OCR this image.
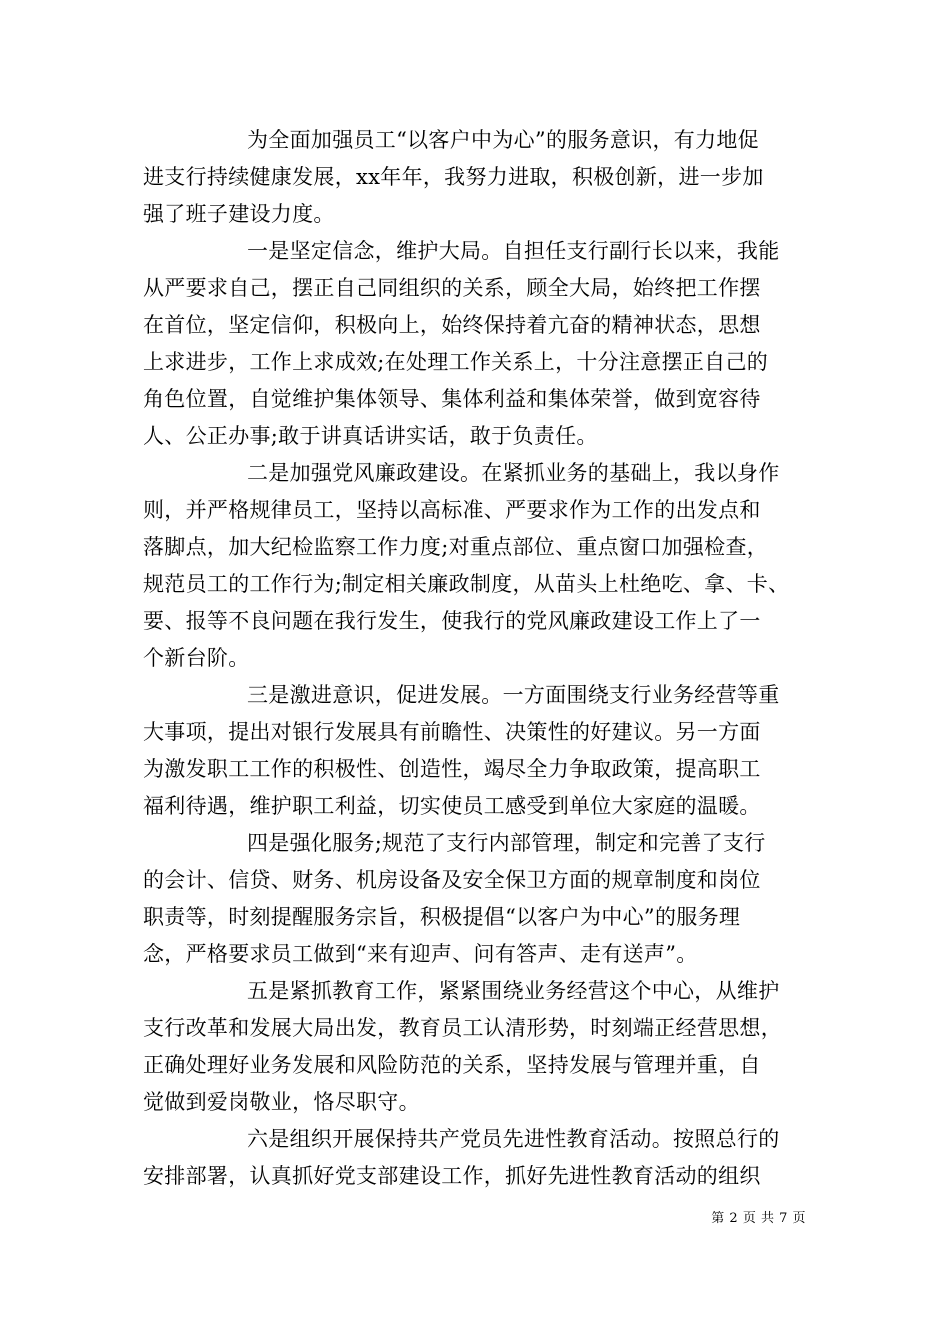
为全面加强员工“以客户中为心”的服务意识，有力地促
进支行持续健康发展，xx年年，我努力进取，积极创新，进一步加
强了班子建设力度。

一是坚定信念，维护大局。自担任支行副行长以来，我能
从严要求自己，摆正自己同组织的关系，顾全大局，始终把工作摆
在首位，坚定信仰，积极向上，始终保持着亢奋的精神状态，思想
上求进步，工作上求成效;在处理工作关系上，十分注意摆正自己的
角色位置，自觉维护集体领导、集体利益和集体荣誉，做到宽容待
人、公正办事;敢于讲真话讲实话，敢于负责任。

二是加强党风廉政建设。在紧抓业务的基础上，我以身作
则，并严格规律员工，坚持以高标准、严要求作为工作的出发点和
落脚点，加大纪检监察工作力度;对重点部位、重点窗口加强检查，
规范员工的工作行为;制定相关廉政制度，从苗头上杜绝吃、拿、卡、
要、报等不良问题在我行发生，使我行的党风廉政建设工作上了一
个新台阶。

三是激进意识，促进发展。一方面围绕支行业务经营等重
大事项，提出对银行发展具有前瞻性、决策性的好建议。另一方面
为激发职工工作的积极性、创造性，竭尽全力争取政策，提高职工
福利待遇，维护职工利益，切实使员工感受到单位大家庭的温暖。

四是强化服务;规范了支行内部管理，制定和完善了支行
的会计、信贷、财务、机房设备及安全保卫方面的规章制度和岗位
职责等，时刻提醒服务宗旨，积极提倡“以客户为中心”的服务理
念，严格要求员工做到“来有迎声、问有答声、走有送声”。

五是紧抓教育工作，紧紧围绕业务经营这个中心，从维护
支行改革和发展大局出发，教育员工认清形势，时刻端正经营思想，
正确处理好业务发展和风险防范的关系，坚持发展与管理并重，自
觉做到爱岗敬业，恪尽职守。

六是组织开展保持共产党员先进性教育活动。按照总行的
安排部署，认真抓好党支部建设工作，抓好先进性教育活动的组织

第 2 页 共 7 页
